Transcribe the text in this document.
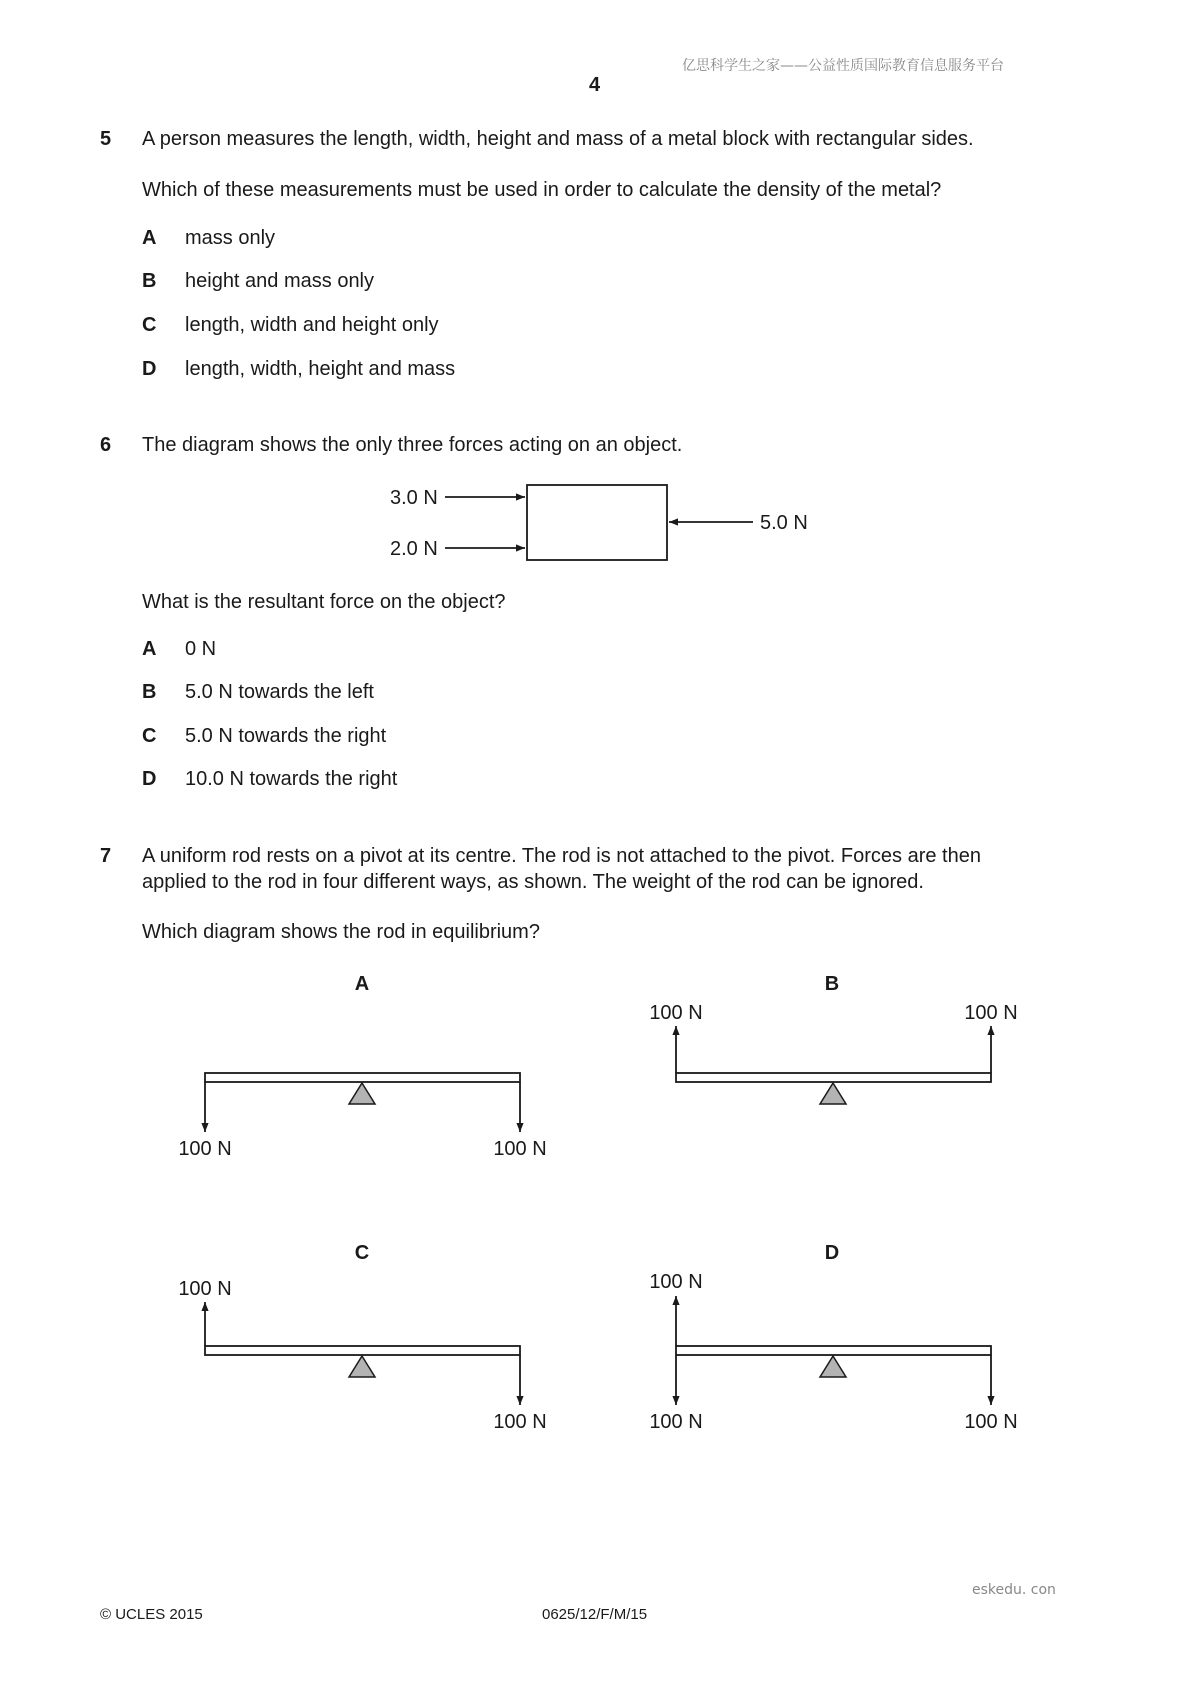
亿思科学生之家——公益性质国际教育信息服务平台
4
5 A person measures the length, width, height and mass of a metal block with rectangular sides.
Which of these measurements must be used in order to calculate the density of the metal?
A mass only
B height and mass only
C length, width and height only
D length, width, height and mass
6 The diagram shows the only three forces acting on an object.
3.0 N
2.0 N
5.0 N
What is the resultant force on the object?
A 0 N
B 5.0 N towards the left
C 5.0 N towards the right
D 10.0 N towards the right
7 A uniform rod rests on a pivot at its centre. The rod is not attached to the pivot. Forces are then
applied to the rod in four different ways, as shown. The weight of the rod can be ignored.
Which diagram shows the rod in equilibrium?
A
100 N	100 N
B
100 N	100 N
C
100 N
100 N
D
100 N
100 N	100 N
eskedu. con
© UCLES 2015	0625/12/F/M/15
